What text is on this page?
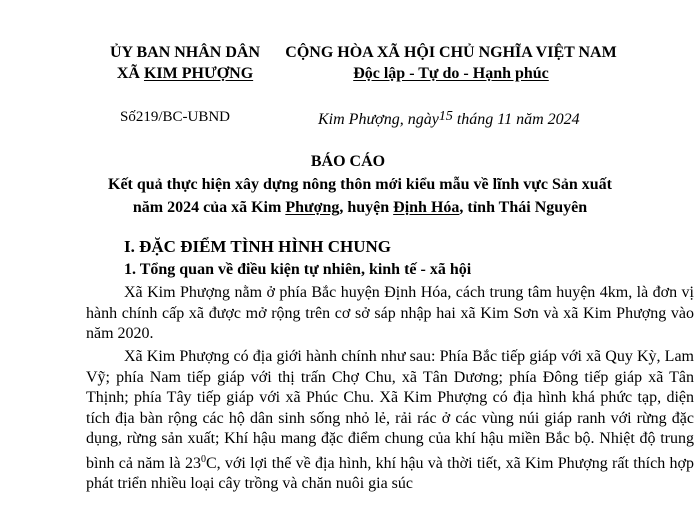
ỦY BAN NHÂN DÂN
XÃ KIM PHƯỢNG
CỘNG HÒA XÃ HỘI CHỦ NGHĨA VIỆT NAM
Độc lập - Tự do - Hạnh phúc
Số219/BC-UBND	Kim Phượng, ngày$^{15}$ tháng 11 năm 2024
BÁO CÁO
Kết quả thực hiện xây dựng nông thôn mới kiểu mẫu về lĩnh vực Sản xuất
năm 2024 của xã Kim Phượng, huyện Định Hóa, tỉnh Thái Nguyên
I. ĐẶC ĐIỂM TÌNH HÌNH CHUNG
1. Tổng quan về điều kiện tự nhiên, kinh tế - xã hội

Xã Kim Phượng nằm ở phía Bắc huyện Định Hóa, cách trung tâm huyện 4km, là đơn vị hành chính cấp xã được mở rộng trên cơ sở sáp nhập hai xã Kim Sơn và xã Kim Phượng vào năm 2020.

Xã Kim Phượng có địa giới hành chính như sau: Phía Bắc tiếp giáp với xã Quy Kỳ, Lam Vỹ; phía Nam tiếp giáp với thị trấn Chợ Chu, xã Tân Dương; phía Đông tiếp giáp xã Tân Thịnh; phía Tây tiếp giáp với xã Phúc Chu. Xã Kim Phượng có địa hình khá phức tạp, diện tích địa bàn rộng các hộ dân sinh sống nhỏ lẻ, rải rác ở các vùng núi giáp ranh với rừng đặc dụng, rừng sản xuất; Khí hậu mang đặc điểm chung của khí hậu miền Bắc bộ. Nhiệt độ trung bình cả năm là $23^0C$, với lợi thế về địa hình, khí hậu và thời tiết, xã Kim Phượng rất thích hợp phát triển nhiều loại cây trồng và chăn nuôi gia súc
